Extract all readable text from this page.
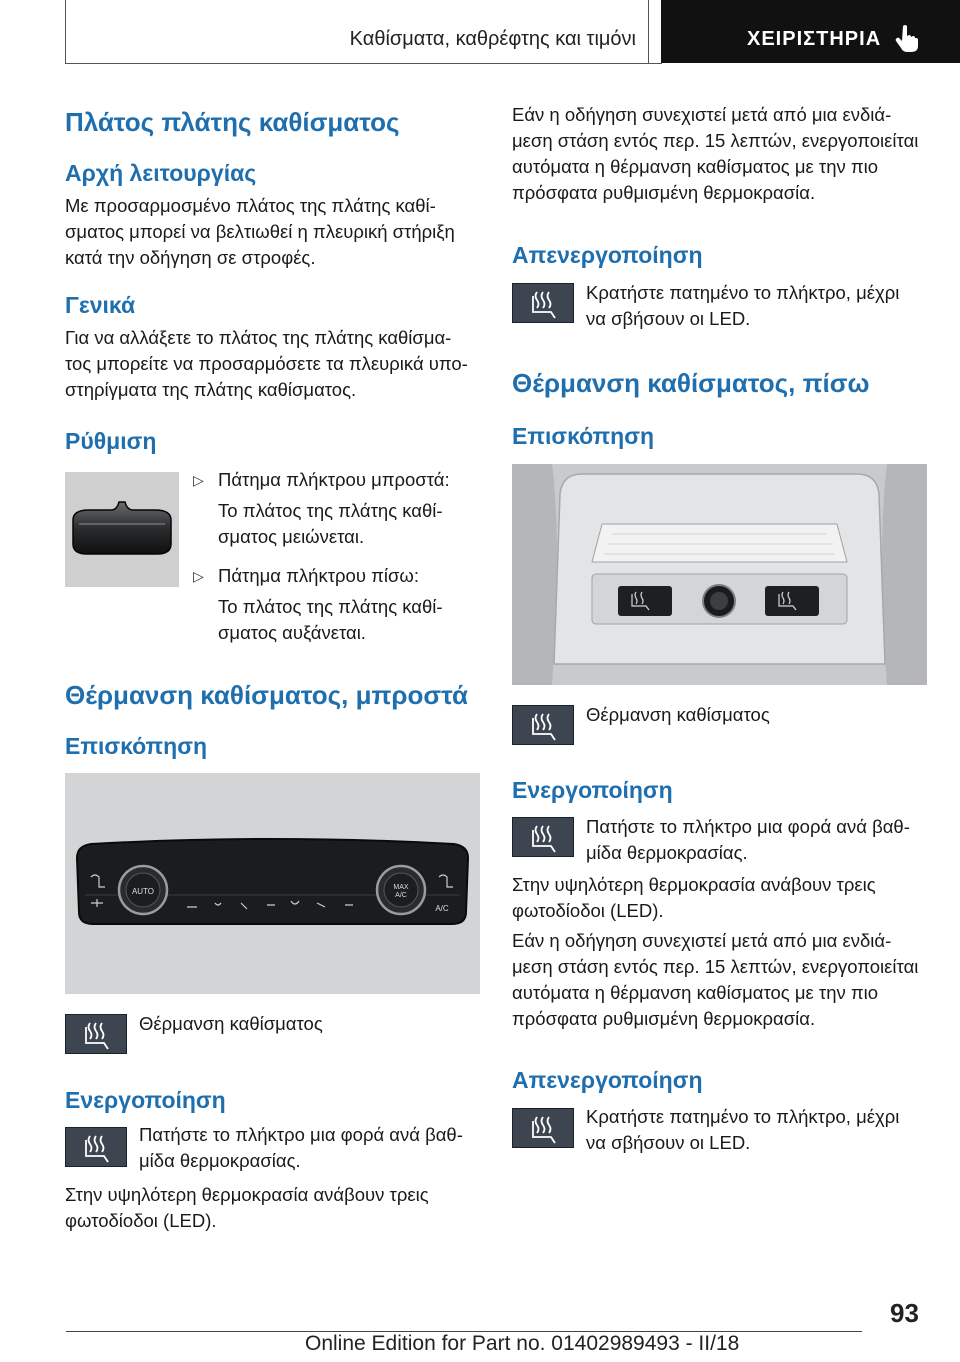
Καθίσματα, καθρέφτης και τιμόνι	ΧΕΙΡΙΣΤΗΡΙΑ
Πλάτος πλάτης καθίσματος
Αρχή λειτουργίας
Με προσαρμοσμένο πλάτος της πλάτης καθί-
σματος μπορεί να βελτιωθεί η πλευρική στήριξη
κατά την οδήγηση σε στροφές.
Γενικά
Για να αλλάξετε το πλάτος της πλάτης καθίσμα-
τος μπορείτε να προσαρμόσετε τα πλευρικά υπο-
στηρίγματα της πλάτης καθίσματος.
Ρύθμιση
▷ Πάτημα πλήκτρου μπροστά:
Το πλάτος της πλάτης καθί-
σματος μειώνεται.
▷ Πάτημα πλήκτρου πίσω:
Το πλάτος της πλάτης καθί-
σματος αυξάνεται.
Θέρμανση καθίσματος, μπροστά
Επισκόπηση
AUTO	MAX
A/C
A/C
Θέρμανση καθίσματος
Ενεργοποίηση
Πατήστε το πλήκτρο μια φορά ανά βαθ-
μίδα θερμοκρασίας.
Στην υψηλότερη θερμοκρασία ανάβουν τρεις
φωτοδίοδοι (LED).
Εάν η οδήγηση συνεχιστεί μετά από μια ενδιά-
μεση στάση εντός περ. 15 λεπτών, ενεργοποιείται
αυτόματα η θέρμανση καθίσματος με την πιο
πρόσφατα ρυθμισμένη θερμοκρασία.
Απενεργοποίηση
Κρατήστε πατημένο το πλήκτρο, μέχρι
να σβήσουν οι LED.
Θέρμανση καθίσματος, πίσω
Επισκόπηση
Θέρμανση καθίσματος
Ενεργοποίηση
Πατήστε το πλήκτρο μια φορά ανά βαθ-
μίδα θερμοκρασίας.
Στην υψηλότερη θερμοκρασία ανάβουν τρεις
φωτοδίοδοι (LED).
Εάν η οδήγηση συνεχιστεί μετά από μια ενδιά-
μεση στάση εντός περ. 15 λεπτών, ενεργοποιείται
αυτόματα η θέρμανση καθίσματος με την πιο
πρόσφατα ρυθμισμένη θερμοκρασία.
Απενεργοποίηση
Κρατήστε πατημένο το πλήκτρο, μέχρι
να σβήσουν οι LED.
93
Online Edition for Part no. 01402989493 - II/18
